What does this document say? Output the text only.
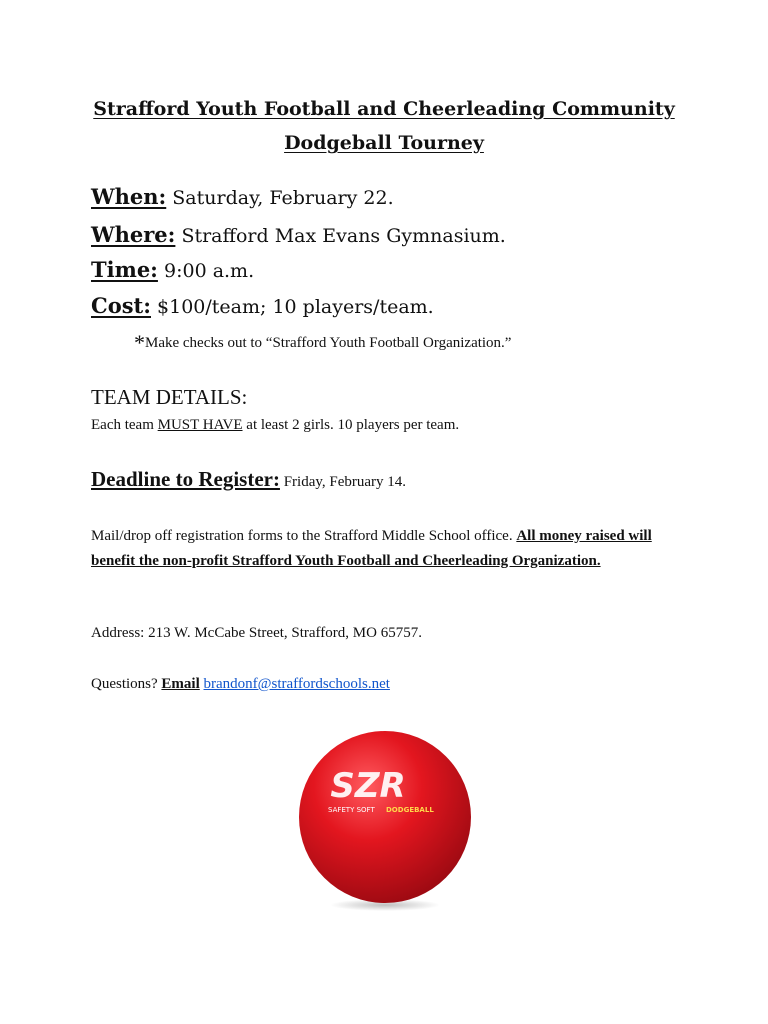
Strafford Youth Football and Cheerleading Community
Dodgeball Tourney
When: Saturday, February 22.
Where: Strafford Max Evans Gymnasium.
Time: 9:00 a.m.
Cost: $100/team; 10 players/team.
*Make checks out to “Strafford Youth Football Organization.”
TEAM DETAILS:
Each team MUST HAVE at least 2 girls. 10 players per team.
Deadline to Register: Friday, February 14.
Mail/drop off registration forms to the Strafford Middle School office. All money raised will benefit the non-profit Strafford Youth Football and Cheerleading Organization.
Address: 213 W. McCabe Street, Strafford, MO 65757.
Questions? Email brandonf@straffordschools.net
SZR
SAFETY SOFT DODGEBALL
